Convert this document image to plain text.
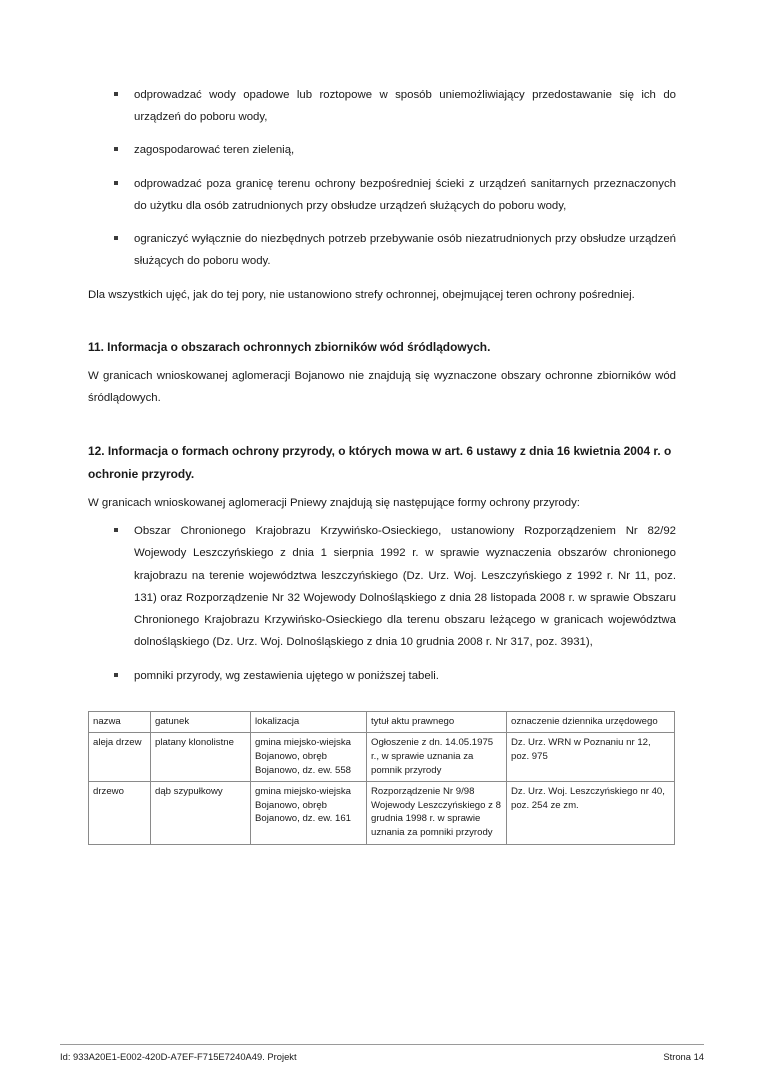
odprowadzać wody opadowe lub roztopowe w sposób uniemożliwiający przedostawanie się ich do urządzeń do poboru wody,
zagospodarować teren zielenią,
odprowadzać poza granicę terenu ochrony bezpośredniej ścieki z urządzeń sanitarnych przeznaczonych do użytku dla osób zatrudnionych przy obsłudze urządzeń służących do poboru wody,
ograniczyć wyłącznie do niezbędnych potrzeb przebywanie osób niezatrudnionych przy obsłudze urządzeń służących do poboru wody.

Dla wszystkich ujęć, jak do tej pory, nie ustanowiono strefy ochronnej, obejmującej teren ochrony pośredniej.

11. Informacja o obszarach ochronnych zbiorników wód śródlądowych.

W granicach wnioskowanej aglomeracji Bojanowo nie znajdują się wyznaczone obszary ochronne zbiorników wód śródlądowych.

12. Informacja o formach ochrony przyrody, o których mowa w art. 6 ustawy z dnia 16 kwietnia 2004 r. o ochronie przyrody.

W granicach wnioskowanej aglomeracji Pniewy znajdują się następujące formy ochrony przyrody:

Obszar Chronionego Krajobrazu Krzywińsko-Osieckiego, ustanowiony Rozporządzeniem Nr 82/92 Wojewody Leszczyńskiego z dnia 1 sierpnia 1992 r. w sprawie wyznaczenia obszarów chronionego krajobrazu na terenie województwa leszczyńskiego (Dz. Urz. Woj. Leszczyńskiego z 1992 r. Nr 11, poz. 131) oraz Rozporządzenie Nr 32 Wojewody Dolnośląskiego z dnia 28 listopada 2008 r. w sprawie Obszaru Chronionego Krajobrazu Krzywińsko-Osieckiego dla terenu obszaru leżącego w granicach województwa dolnośląskiego (Dz. Urz. Woj. Dolnośląskiego z dnia 10 grudnia 2008 r. Nr 317, poz. 3931),
pomniki przyrody, wg zestawienia ujętego w poniższej tabeli.
nazwa	gatunek	lokalizacja	tytuł aktu prawnego	oznaczenie dziennika urzędowego
aleja drzew	platany klonolistne	gmina miejsko-wiejska Bojanowo, obręb Bojanowo, dz. ew. 558	Ogłoszenie z dn. 14.05.1975 r., w sprawie uznania za pomnik przyrody	Dz. Urz. WRN w Poznaniu nr 12, poz. 975
drzewo	dąb szypułkowy	gmina miejsko-wiejska Bojanowo, obręb Bojanowo, dz. ew. 161	Rozporządzenie Nr 9/98 Wojewody Leszczyńskiego z 8 grudnia 1998 r. w sprawie uznania za pomniki przyrody	Dz. Urz. Woj. Leszczyńskiego nr 40, poz. 254 ze zm.
Id: 933A20E1-E002-420D-A7EF-F715E7240A49. Projekt	Strona 14
